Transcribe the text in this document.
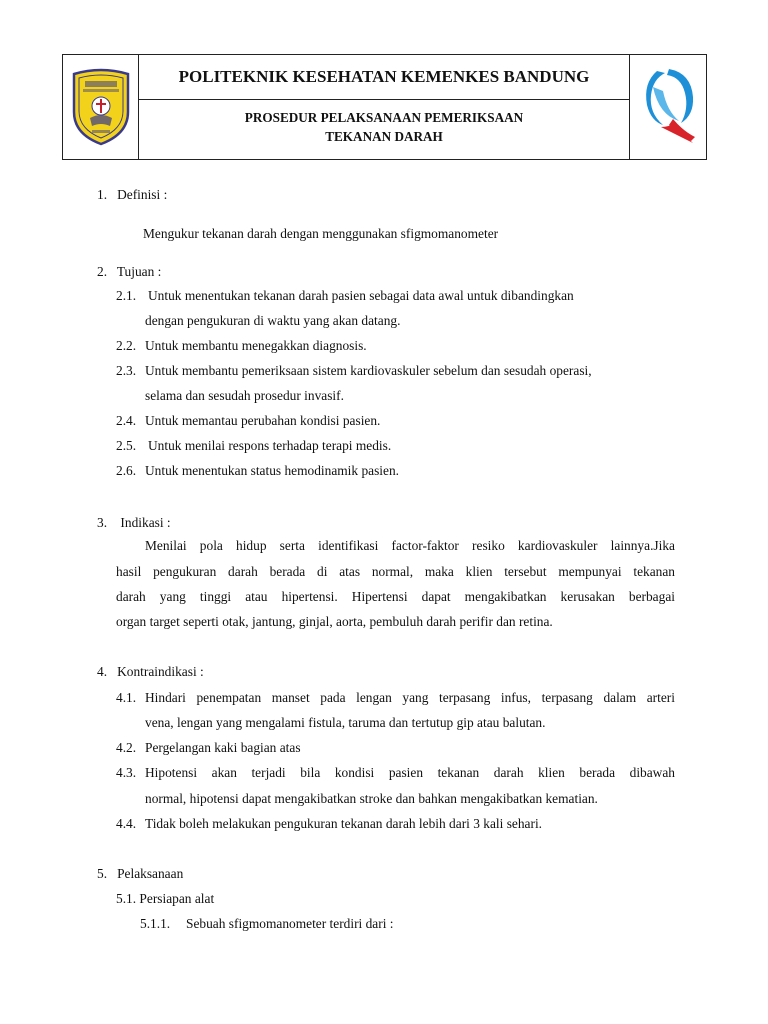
POLITEKNIK KESEHATAN KEMENKES BANDUNG
PROSEDUR PELAKSANAAN PEMERIKSAAN
TEKANAN DARAH
1.   Definisi :
Mengukur tekanan darah dengan menggunakan sfigmomanometer
2.   Tujuan :
2.1. Untuk menentukan tekanan darah pasien sebagai data awal untuk dibandingkan
dengan pengukuran di waktu yang akan datang.
2.2. Untuk membantu menegakkan diagnosis.
2.3. Untuk membantu pemeriksaan sistem kardiovaskuler sebelum dan sesudah operasi,
selama dan sesudah prosedur invasif.
2.4. Untuk memantau perubahan kondisi pasien.
2.5. Untuk menilai respons terhadap terapi medis.
2.6. Untuk menentukan status hemodinamik pasien.
3.    Indikasi :
Menilai pola hidup serta identifikasi factor-faktor resiko kardiovaskuler lainnya.Jika
hasil pengukuran darah berada di atas normal, maka klien tersebut mempunyai tekanan
darah yang tinggi atau hipertensi. Hipertensi dapat mengakibatkan kerusakan berbagai
organ target seperti otak, jantung, ginjal, aorta, pembuluh darah perifir dan retina.
4.   Kontraindikasi :
4.1. Hindari penempatan manset pada lengan yang terpasang infus, terpasang dalam arteri
vena, lengan yang mengalami fistula, taruma dan tertutup gip atau balutan.
4.2. Pergelangan kaki bagian atas
4.3. Hipotensi akan terjadi bila kondisi pasien tekanan darah klien berada dibawah
normal, hipotensi dapat mengakibatkan stroke dan bahkan mengakibatkan kematian.
4.4. Tidak boleh melakukan pengukuran tekanan darah lebih dari 3 kali sehari.
5.   Pelaksanaan
5.1. Persiapan alat
5.1.1. Sebuah sfigmomanometer terdiri dari :
